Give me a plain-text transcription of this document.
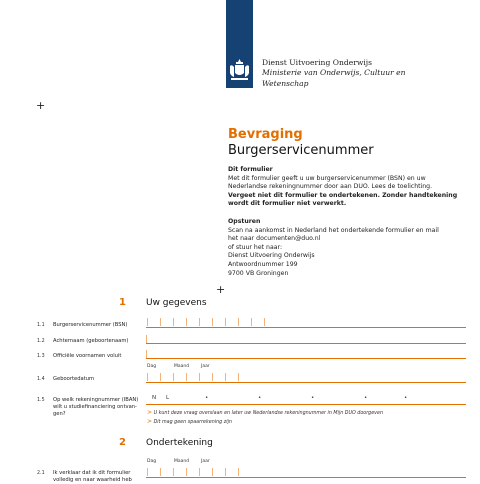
Dienst Uitvoering Onderwijs
Ministerie van Onderwijs, Cultuur en
Wetenschap
+
+
Bevraging
Burgerservicenummer
Dit formulier
Met dit formulier geeft u uw burgerservicenummer (BSN) en uw
Nederlandse rekeningnummer door aan DUO. Lees de toelichting.
Vergeet niet dit formulier te ondertekenen. Zonder handtekening
wordt dit formulier niet verwerkt.
Opsturen
Scan na aankomst in Nederland het ondertekende formulier en mail
het naar documenten@duo.nl
of stuur het naar:
Dienst Uitvoering Onderwijs
Antwoordnummer 199
9700 VB Groningen
1 Uw gegevens
1.1 Burgerservicenummer (BSN)
1.2 Achternaam (geboortenaam)
1.3 Officiële voornamen voluit
Dag	Maand	Jaar
1.4 Geboortedatum
1.5 Op welk rekeningnummer (IBAN)
wilt u studiefinanciering ontvan-
gen?
N L	•	•	•	•	•
> U kunt deze vraag overslaan en later uw Nederlandse rekeningnummer in Mijn DUO doorgeven
> Dit mag geen spaarrekening zijn
2 Ondertekening
Dag	Maand	Jaar
2.1 Ik verklaar dat ik dit formulier
volledig en naar waarheid heb
